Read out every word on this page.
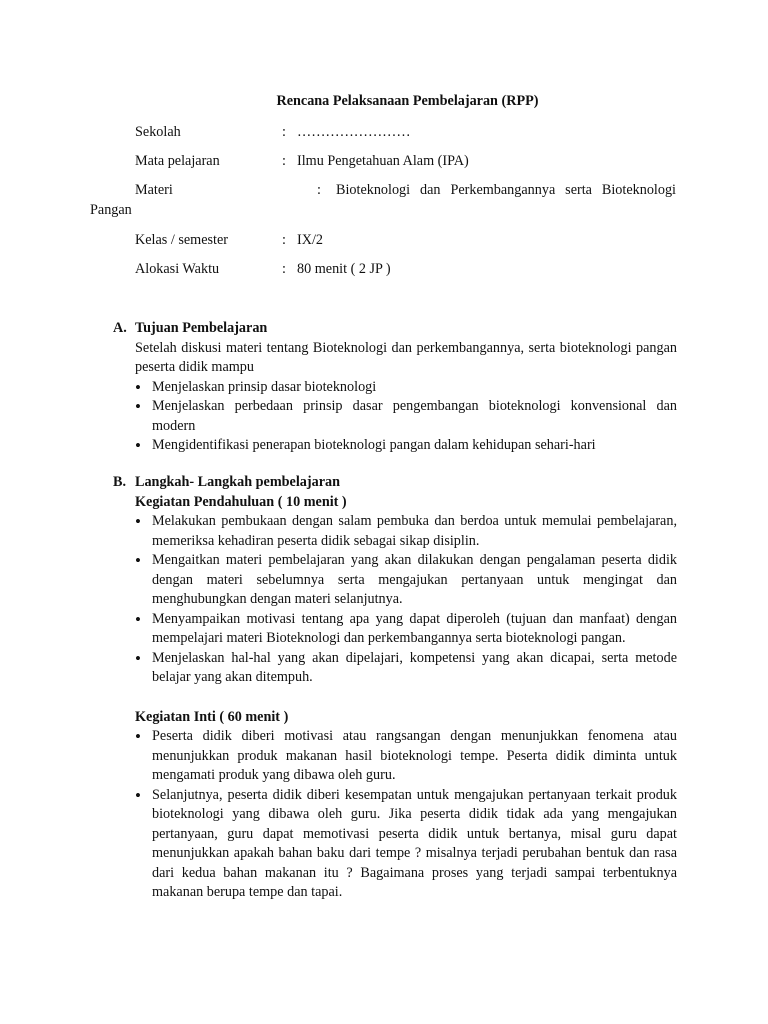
Rencana Pelaksanaan Pembelajaran (RPP)
Sekolah	: ……………………
Mata pelajaran	: Ilmu Pengetahuan Alam (IPA)
Materi	: Bioteknologi dan Perkembangannya serta Bioteknologi
Pangan
Kelas / semester	: IX/2
Alokasi Waktu	: 80 menit ( 2 JP )
A. Tujuan Pembelajaran

Setelah diskusi materi tentang Bioteknologi dan perkembangannya, serta bioteknologi pangan peserta didik mampu

• Menjelaskan prinsip dasar bioteknologi
• Menjelaskan perbedaan prinsip dasar pengembangan bioteknologi konvensional dan modern
• Mengidentifikasi penerapan bioteknologi pangan dalam kehidupan sehari-hari
B. Langkah- Langkah pembelajaran

Kegiatan Pendahuluan ( 10 menit )

• Melakukan pembukaan dengan salam pembuka dan berdoa untuk memulai pembelajaran, memeriksa kehadiran peserta didik sebagai sikap disiplin.
• Mengaitkan materi pembelajaran yang akan dilakukan dengan pengalaman peserta didik dengan materi sebelumnya serta mengajukan pertanyaan untuk mengingat dan menghubungkan dengan materi selanjutnya.
• Menyampaikan motivasi tentang apa yang dapat diperoleh (tujuan dan manfaat) dengan mempelajari materi Bioteknologi dan perkembangannya serta bioteknologi pangan.
• Menjelaskan hal-hal yang akan dipelajari, kompetensi yang akan dicapai, serta metode belajar yang akan ditempuh.

Kegiatan Inti ( 60 menit )

• Peserta didik diberi motivasi atau rangsangan dengan menunjukkan fenomena atau menunjukkan produk makanan hasil bioteknologi tempe. Peserta didik diminta untuk mengamati produk yang dibawa oleh guru.
• Selanjutnya, peserta didik diberi kesempatan untuk mengajukan pertanyaan terkait produk bioteknologi yang dibawa oleh guru. Jika peserta didik tidak ada yang mengajukan pertanyaan, guru dapat memotivasi peserta didik untuk bertanya, misal guru dapat menunjukkan apakah bahan baku dari tempe ? misalnya terjadi perubahan bentuk dan rasa dari kedua bahan makanan itu ? Bagaimana proses yang terjadi sampai terbentuknya makanan berupa tempe dan tapai.
